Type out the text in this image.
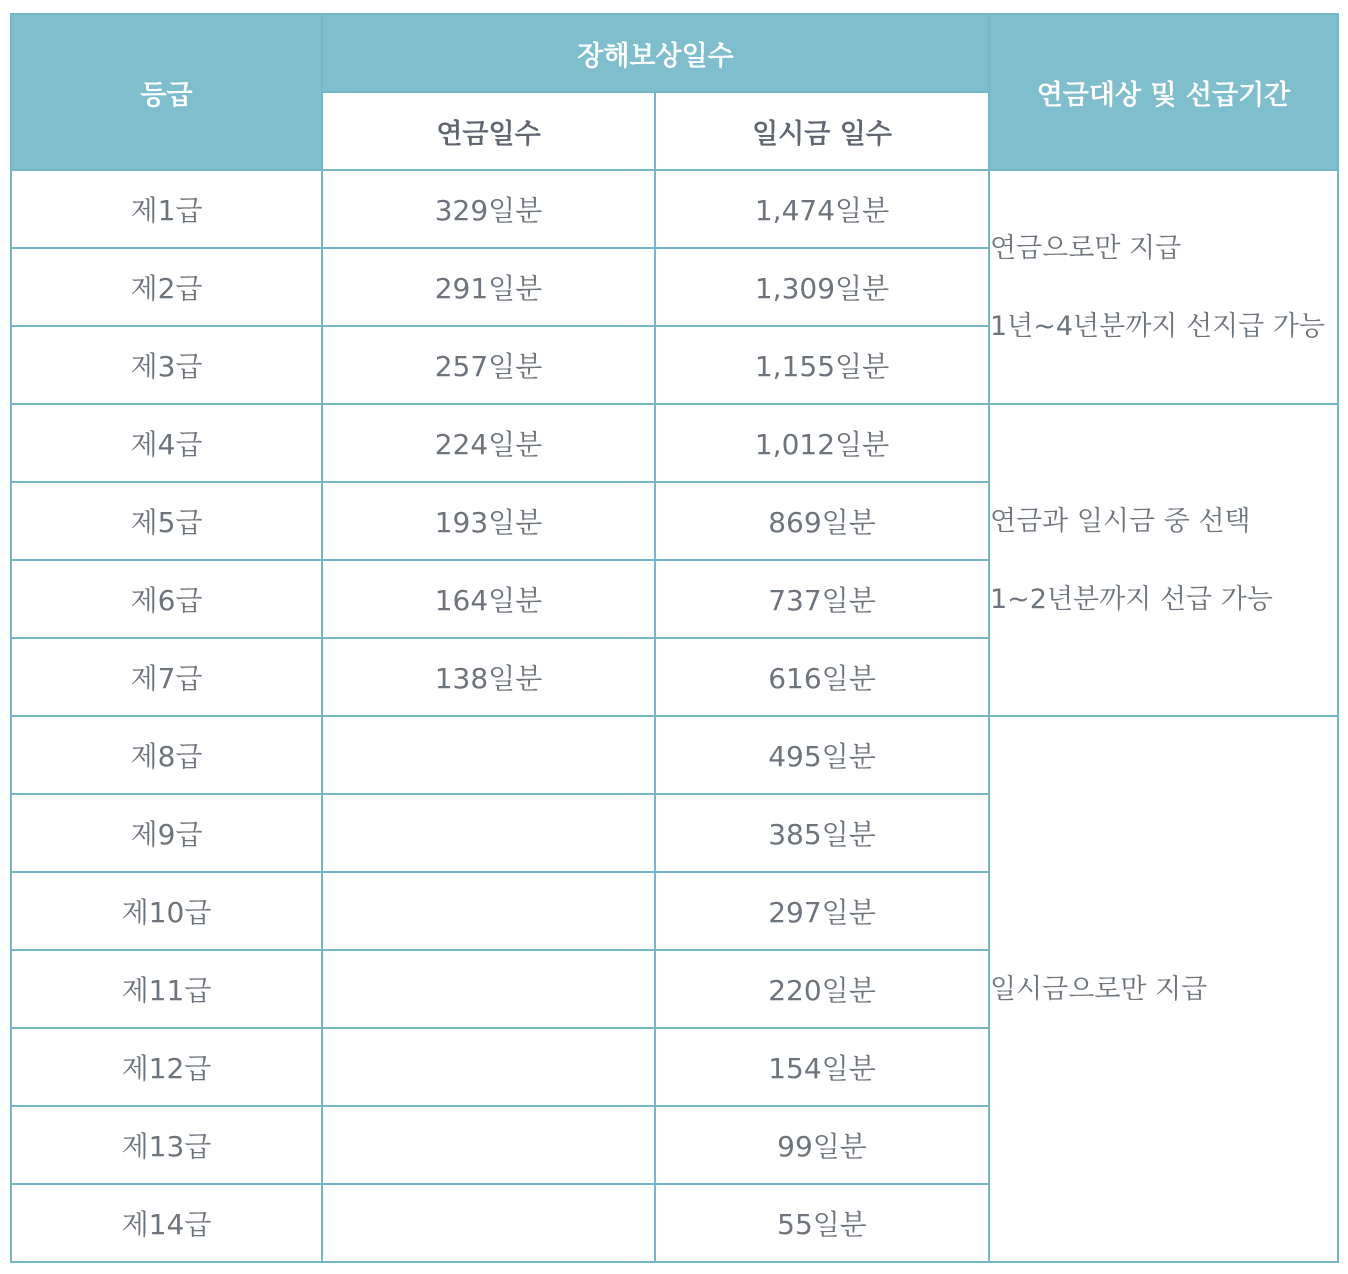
등급	장해보상일수		연금대상 및 선급기간
	연금일수	일시금 일수	
제1급	329일분	1,474일분	연금으로만 지급
1년~4년분까지 선지급 가능

제2급	291일분	1,309일분	
제3급	257일분	1,155일분	
제4급	224일분	1,012일분	연금과 일시금 중 선택
1~2년분까지 선급 가능

제5급	193일분	869일분	
제6급	164일분	737일분	
제7급	138일분	616일분	
제8급		495일분	일시금으로만 지급

제9급		385일분	
제10급		297일분	
제11급		220일분	
제12급		154일분	
제13급		99일분	
제14급		55일분	
